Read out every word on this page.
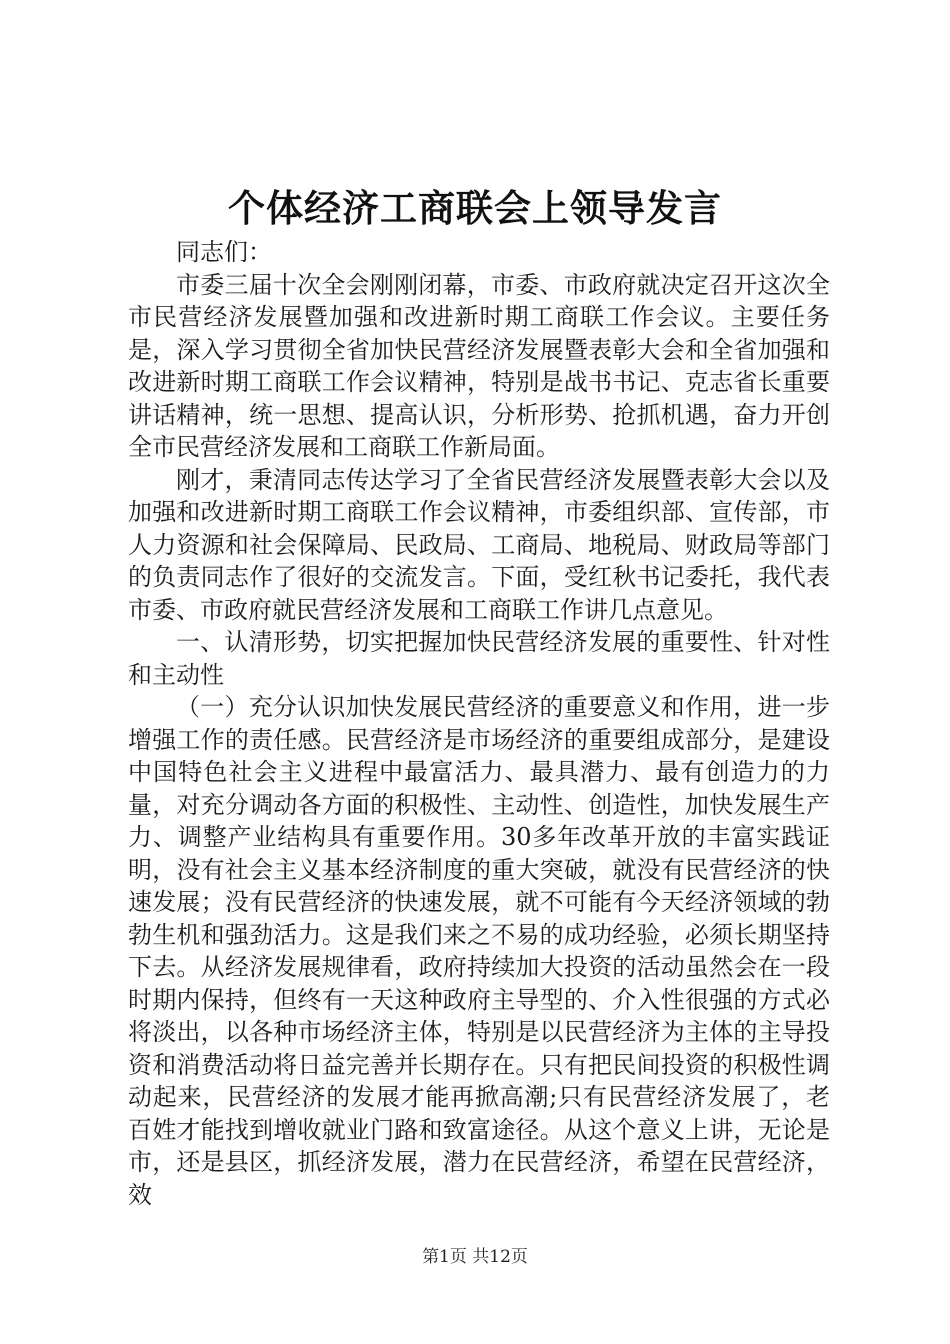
个体经济工商联会上领导发言

同志们：

市委三届十次全会刚刚闭幕，市委、市政府就决定召开这次全市民营经济发展暨加强和改进新时期工商联工作会议。主要任务是，深入学习贯彻全省加快民营经济发展暨表彰大会和全省加强和改进新时期工商联工作会议精神，特别是战书书记、克志省长重要讲话精神，统一思想、提高认识，分析形势、抢抓机遇，奋力开创全市民营经济发展和工商联工作新局面。

刚才，秉清同志传达学习了全省民营经济发展暨表彰大会以及加强和改进新时期工商联工作会议精神，市委组织部、宣传部，市人力资源和社会保障局、民政局、工商局、地税局、财政局等部门的负责同志作了很好的交流发言。下面，受红秋书记委托，我代表市委、市政府就民营经济发展和工商联工作讲几点意见。

一、认清形势，切实把握加快民营经济发展的重要性、针对性和主动性

（一）充分认识加快发展民营经济的重要意义和作用，进一步增强工作的责任感。民营经济是市场经济的重要组成部分，是建设中国特色社会主义进程中最富活力、最具潜力、最有创造力的力量，对充分调动各方面的积极性、主动性、创造性，加快发展生产力、调整产业结构具有重要作用。30多年改革开放的丰富实践证明，没有社会主义基本经济制度的重大突破，就没有民营经济的快速发展；没有民营经济的快速发展，就不可能有今天经济领域的勃勃生机和强劲活力。这是我们来之不易的成功经验，必须长期坚持下去。从经济发展规律看，政府持续加大投资的活动虽然会在一段时期内保持，但终有一天这种政府主导型的、介入性很强的方式必将淡出，以各种市场经济主体，特别是以民营经济为主体的主导投资和消费活动将日益完善并长期存在。只有把民间投资的积极性调动起来，民营经济的发展才能再掀高潮;只有民营经济发展了，老百姓才能找到增收就业门路和致富途径。从这个意义上讲，无论是市，还是县区，抓经济发展，潜力在民营经济，希望在民营经济，效

第1页 共12页
